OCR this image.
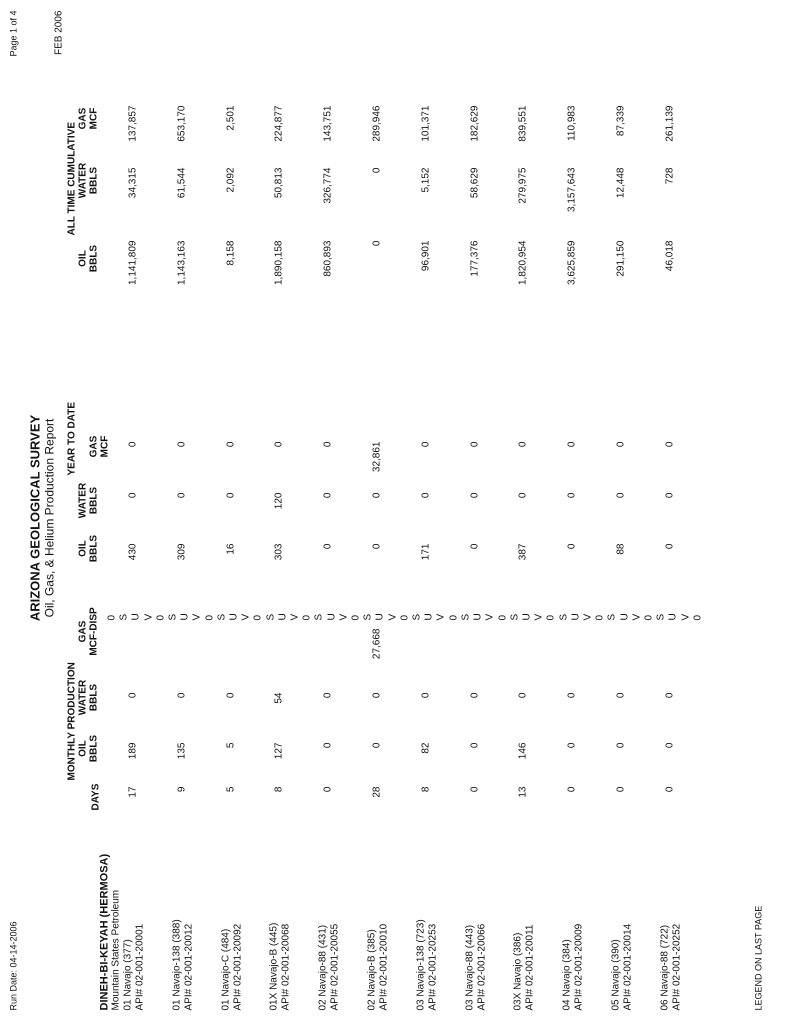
Run Date: 04-14-2006
Page 1 of 4
ARIZONA GEOLOGICAL SURVEY Oil, Gas, & Helium Production Report
FEB 2006
MONTHLY PRODUCTION
YEAR TO DATE
ALL TIME CUMULATIVE
DAYS
OIL BBLS
WATER BBLS
GAS MCF-DISP
OIL BBLS
WATER BBLS
GAS MCF
OIL BBLS
WATER BBLS
GAS MCF
DINEH-BI-KEYAH (HERMOSA) Mountain States Petroleum
0
S
U
V
0
S
U
V
0
S
U
V
0
S
U
V
0
S
U
V
0
S
U
V
0
S
U
V
0
S
U
V
0
S
U
V
0
S
U
V
0
S
U
V
0
S
U
V
0
01 Navajo (377) API# 02-001-20001
17
189
0
430
0
0
1,141,809
34,315
137,857
01 Navajo-138 (388) API# 02-001-20012
9
135
0
309
0
0
1,143,163
61,544
653,170
01 Navajo-C (484) API# 02-001-20092
5
5
0
16
0
0
8,158
2,092
2,501
01X Navajo-B (445) API# 02-001-20068
8
127
54
303
120
0
1,890,158
50,813
224,877
02 Navajo-88 (431) API# 02-001-20055
0
0
0
0
0
0
860,893
326,774
143,751
02 Navajo-B (385) API# 02-001-20010
28
0
0
27,668
0
0
32,861
0
0
289,946
03 Navajo-138 (723) API# 02-001-20253
8
82
0
171
0
0
96,901
5,152
101,371
03 Navajo-88 (443) API# 02-001-20066
0
0
0
0
0
0
177,376
58,629
182,629
03X Navajo (386) API# 02-001-20011
13
146
0
387
0
0
1,820,954
279,975
839,551
04 Navajo (384) API# 02-001-20009
0
0
0
0
0
0
3,625,859
3,157,643
110,983
05 Navajo (390) API# 02-001-20014
0
0
0
88
0
0
291,150
12,448
87,339
06 Navajo-88 (722) API# 02-001-20252
0
0
0
0
0
0
46,018
728
261,139
LEGEND ON LAST PAGE
